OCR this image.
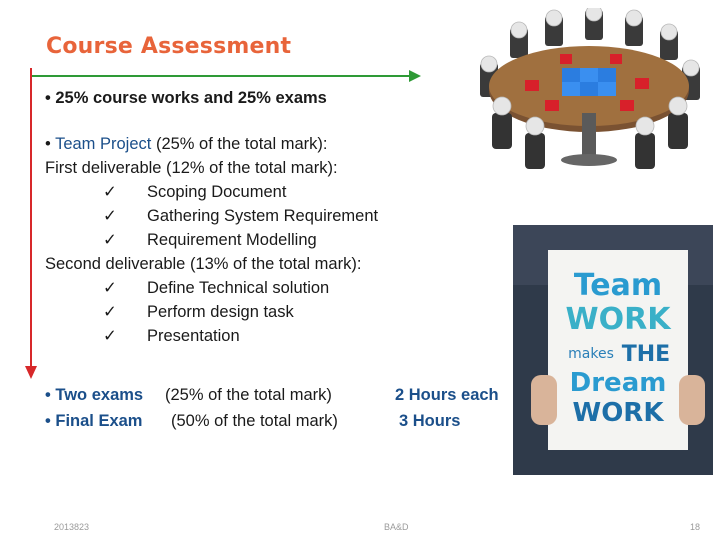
Course Assessment
• 25% course works and 25% exams
• Team Project (25% of the total mark):
First deliverable (12% of the total mark):
✓ Scoping Document
✓ Gathering System Requirement
✓ Requirement Modelling
Second deliverable (13% of the total mark):
✓ Define Technical solution
✓ Perform design task
✓ Presentation
• Two exams (25% of the total mark)	2 Hours each
• Final Exam (50% of the total mark)	3 Hours
Team
WORK
makes THE
Dream
WORK
2013823	BA&D	18
